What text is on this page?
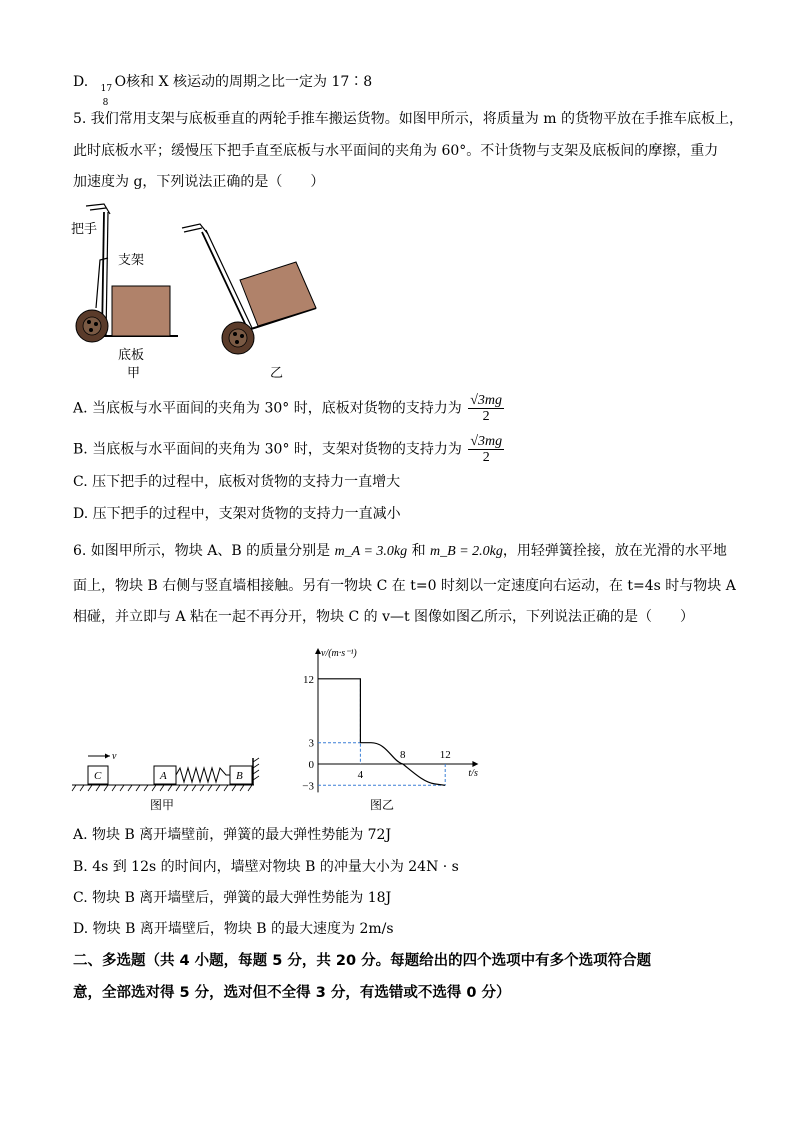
D. 17
8
O核和 X 核运动的周期之比一定为 17∶8
5. 我们常用支架与底板垂直的两轮手推车搬运货物。如图甲所示，将质量为 m 的货物平放在手推车底板上，
此时底板水平；缓慢压下把手直至底板与水平面间的夹角为 60°。不计货物与支架及底板间的摩擦，重力
加速度为 g，下列说法正确的是（　　）
把手
支架
底板
甲	乙
A. 当底板与水平面间的夹角为 30° 时，底板对货物的支持力为 $\frac{√3mg}{2}$
B. 当底板与水平面间的夹角为 30° 时，支架对货物的支持力为 $\frac{√3mg}{2}$
C. 压下把手的过程中，底板对货物的支持力一直增大
D. 压下把手的过程中，支架对货物的支持力一直减小
6. 如图甲所示，物块 A、B 的质量分别是 m_A = 3.0kg 和 m_B = 2.0kg，用轻弹簧拴接，放在光滑的水平地
面上，物块 B 右侧与竖直墙相接触。另有一物块 C 在 t=0 时刻以一定速度向右运动，在 t=4s 时与物块 A
相碰，并立即与 A 粘在一起不再分开，物块 C 的 v—t 图像如图乙所示，下列说法正确的是（　　）
v
C	A	B
图甲
v/(m·s⁻¹)
t/s
12
3
0
−3
4
8	12
图乙
A. 物块 B 离开墙壁前，弹簧的最大弹性势能为 72J
B. 4s 到 12s 的时间内，墙壁对物块 B 的冲量大小为 24N · s
C. 物块 B 离开墙壁后，弹簧的最大弹性势能为 18J
D. 物块 B 离开墙壁后，物块 B 的最大速度为 2m/s
二、多选题（共 4 小题，每题 5 分，共 20 分。每题给出的四个选项中有多个选项符合题
意，全部选对得 5 分，选对但不全得 3 分，有选错或不选得 0 分）
